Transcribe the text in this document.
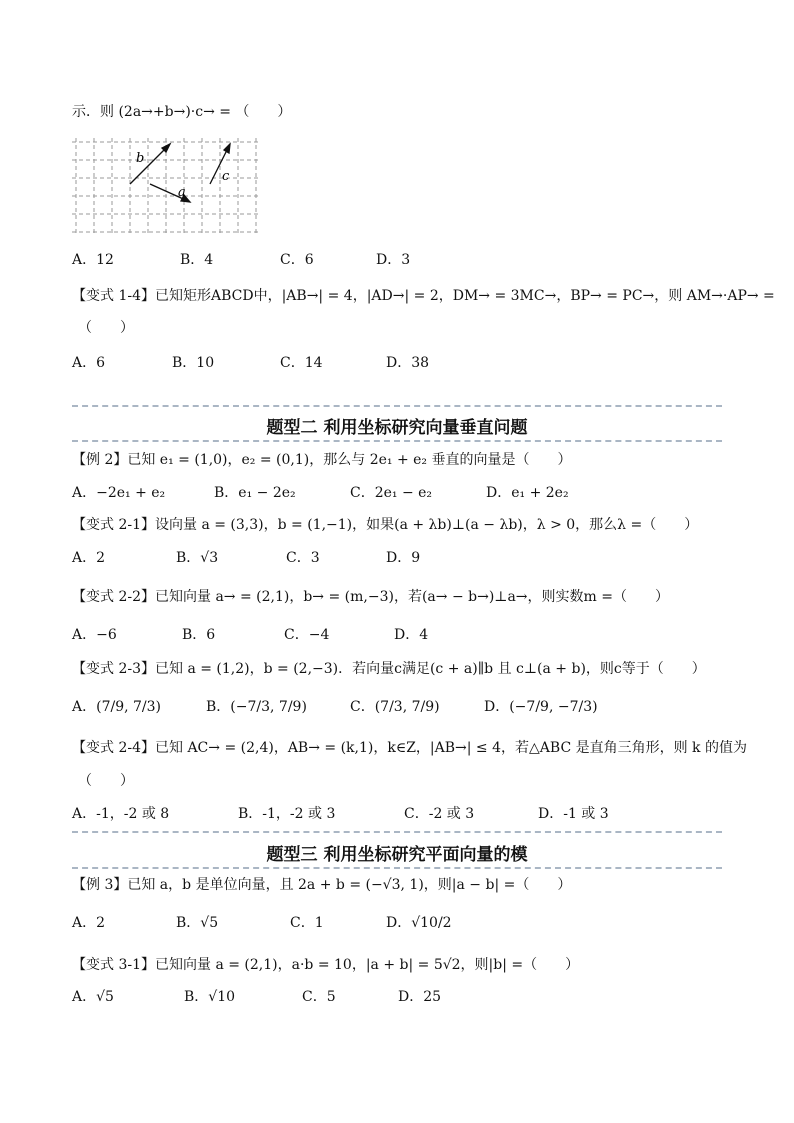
示．则 (2a→+b→)·c→ = （　　）
b
a
c
A．12	B．4	C．6	D．3
【变式 1-4】已知矩形ABCD中，|AB→| = 4，|AD→| = 2，DM→ = 3MC→，BP→ = PC→，则 AM→·AP→ =
（　　）
A．6	B．10	C．14	D．38
题型二 利用坐标研究向量垂直问题
【例 2】已知 e₁ = (1,0)，e₂ = (0,1)，那么与 2e₁ + e₂ 垂直的向量是（　　）
A．−2e₁ + e₂	B．e₁ − 2e₂	C．2e₁ − e₂	D．e₁ + 2e₂
【变式 2-1】设向量 a = (3,3)，b = (1,−1)，如果(a + λb)⊥(a − λb)，λ > 0，那么λ =（　　）
A．2	B．√3	C．3	D．9
【变式 2-2】已知向量 a→ = (2,1)，b→ = (m,−3)，若(a→ − b→)⊥a→，则实数m =（　　）
A．−6	B．6	C．−4	D．4
【变式 2-3】已知 a = (1,2)，b = (2,−3)．若向量c满足(c + a)∥b 且 c⊥(a + b)，则c等于（　　）
A．(7/9, 7/3)	B．(−7/3, 7/9)	C．(7/3, 7/9)	D．(−7/9, −7/3)
【变式 2-4】已知 AC→ = (2,4)，AB→ = (k,1)，k∈Z，|AB→| ≤ 4，若△ABC 是直角三角形，则 k 的值为
（　　）
A．-1，-2 或 8	B．-1，-2 或 3	C．-2 或 3	D．-1 或 3
题型三 利用坐标研究平面向量的模
【例 3】已知 a，b 是单位向量，且 2a + b = (−√3, 1)，则|a − b| =（　　）
A．2	B．√5	C．1	D．√10/2
【变式 3-1】已知向量 a = (2,1)，a·b = 10，|a + b| = 5√2，则|b| =（　　）
A．√5	B．√10	C．5	D．25
